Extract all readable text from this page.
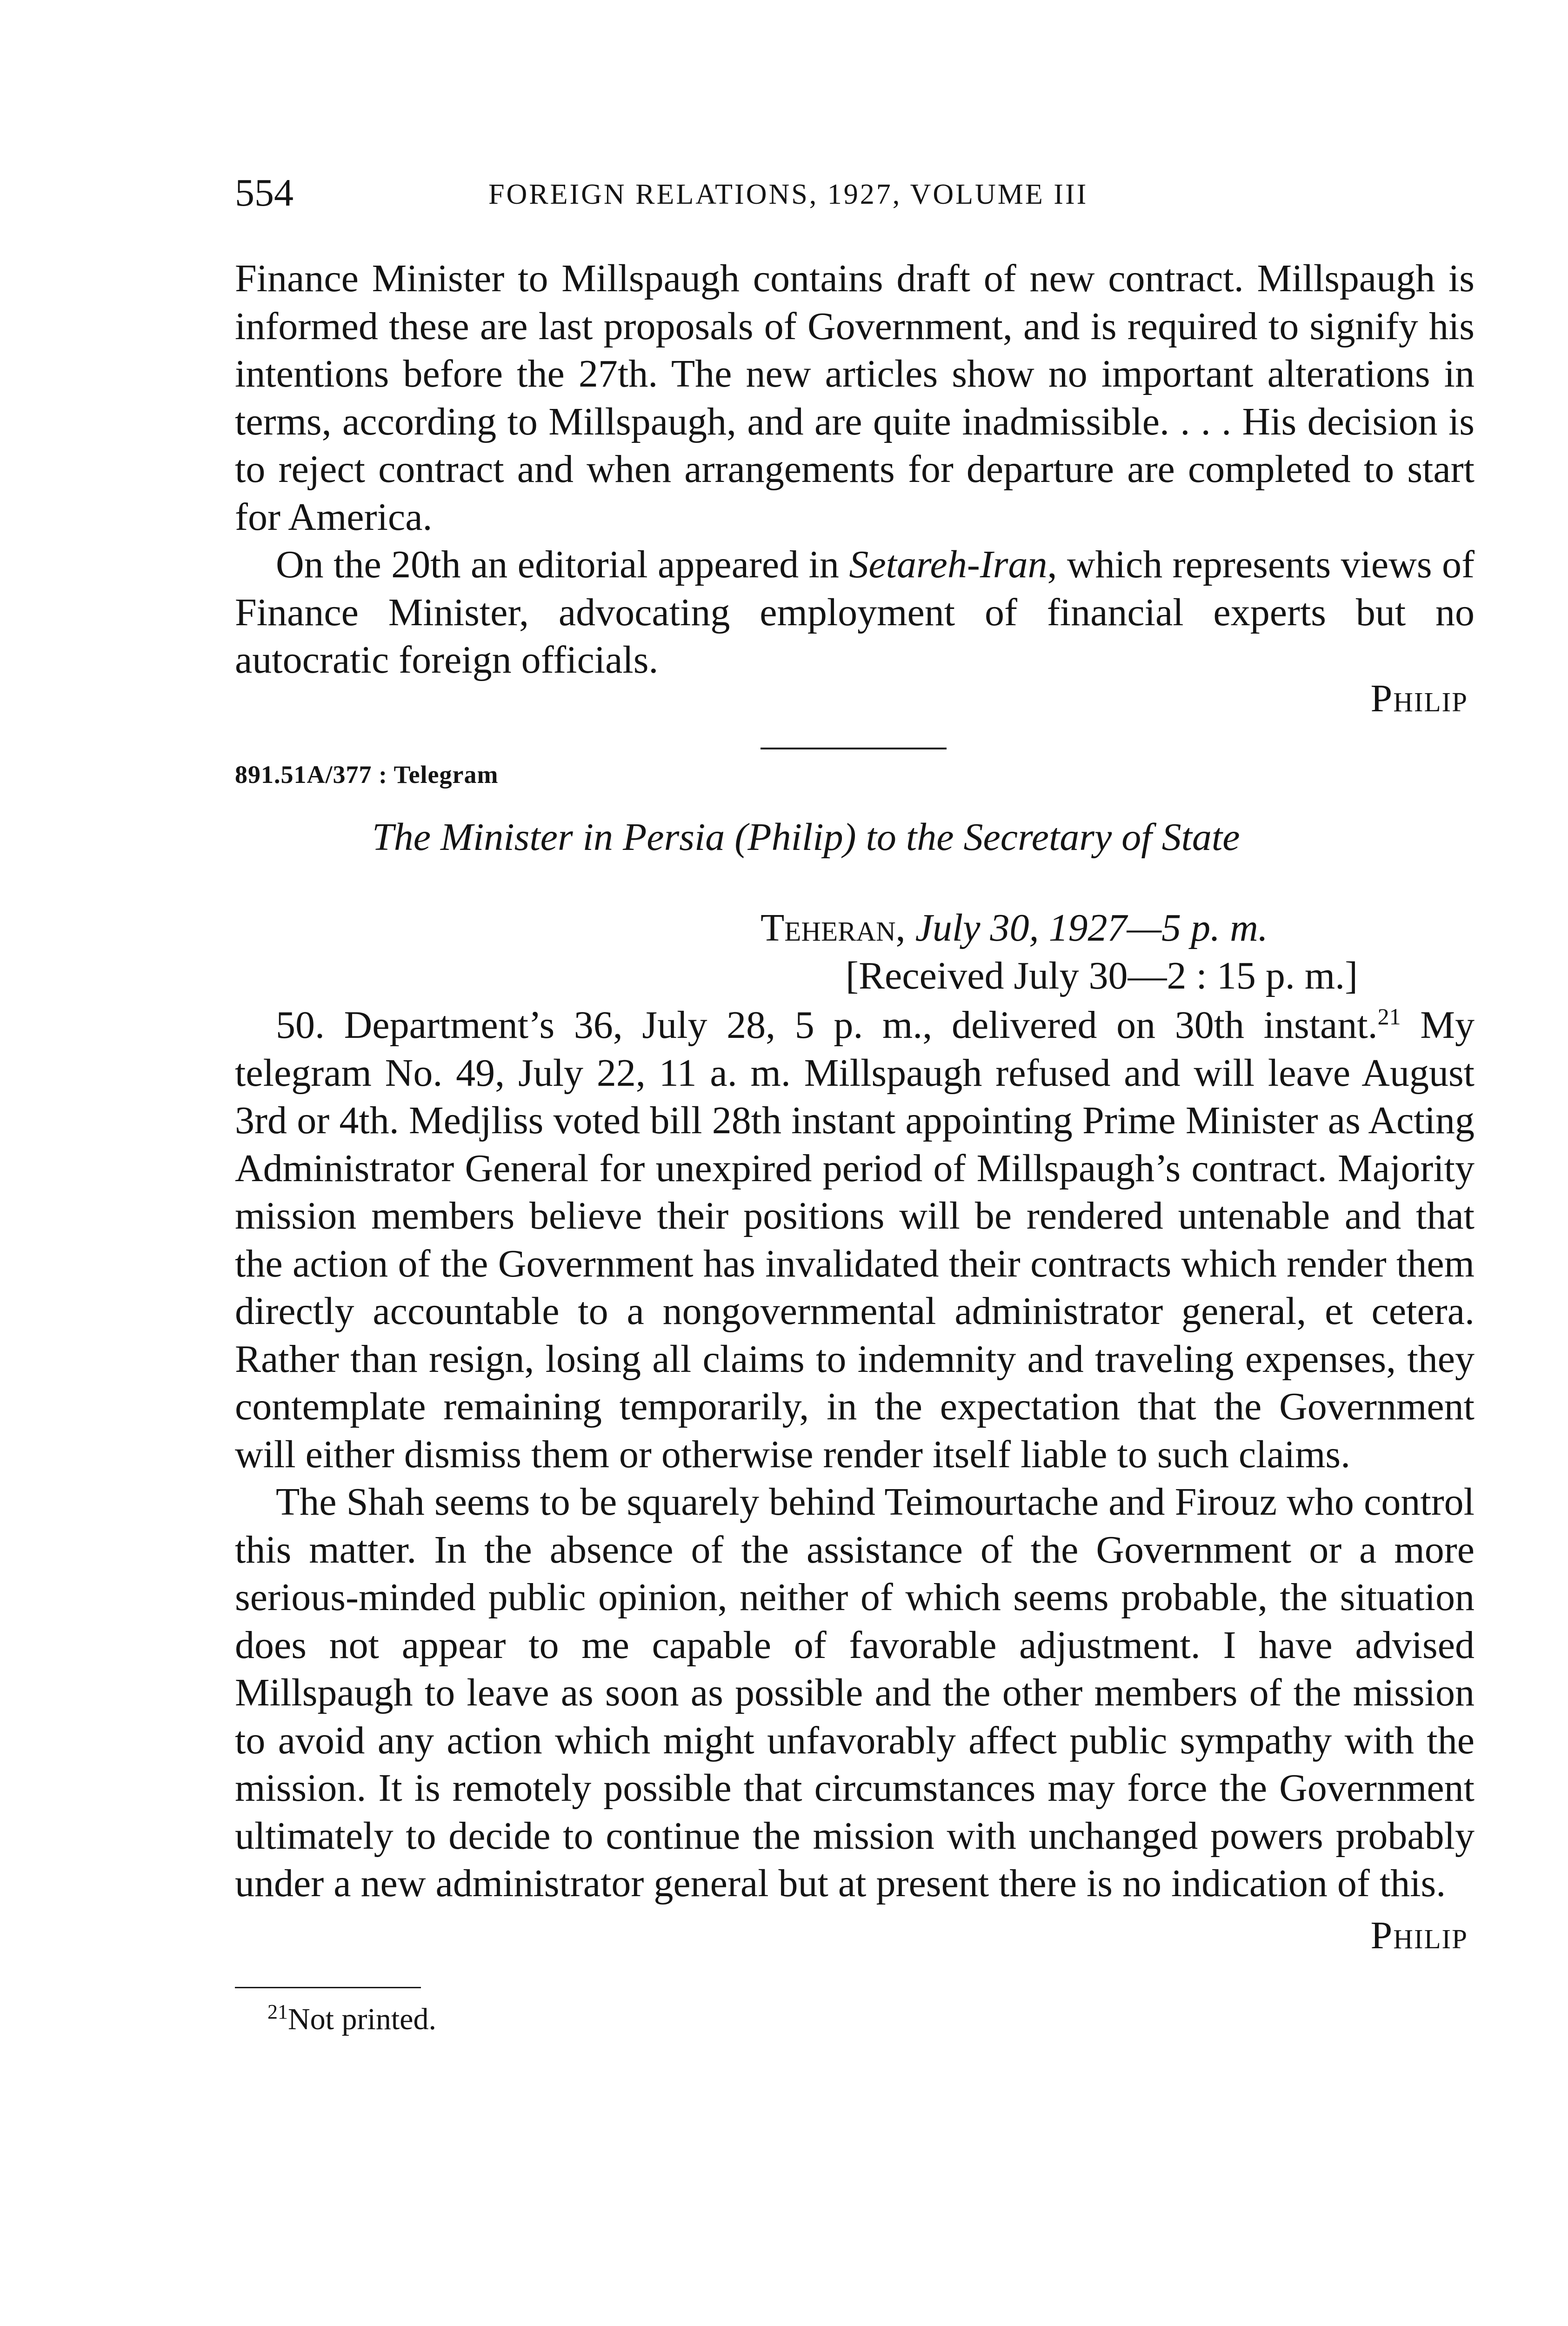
554	FOREIGN RELATIONS, 1927, VOLUME III

Finance Minister to Millspaugh contains draft of new contract. Millspaugh is informed these are last proposals of Government, and is required to signify his intentions before the 27th. The new articles show no important alterations in terms, according to Millspaugh, and are quite inadmissible. . . . His decision is to reject contract and when arrangements for departure are completed to start for America.

On the 20th an editorial appeared in Setareh-Iran, which represents views of Finance Minister, advocating employment of financial experts but no autocratic foreign officials.

Philip
891.51A/377 : Telegram
The Minister in Persia (Philip) to the Secretary of State
Teheran, July 30, 1927—5 p. m.
[Received July 30—2 : 15 p. m.]

50. Department’s 36, July 28, 5 p. m., delivered on 30th instant.$^{21}$ My telegram No. 49, July 22, 11 a. m. Millspaugh refused and will leave August 3rd or 4th. Medjliss voted bill 28th instant appointing Prime Minister as Acting Administrator General for unexpired period of Millspaugh’s contract. Majority mission members believe their positions will be rendered untenable and that the action of the Government has invalidated their contracts which render them directly accountable to a nongovernmental administrator general, et cetera. Rather than resign, losing all claims to indemnity and traveling expenses, they contemplate remaining temporarily, in the expectation that the Government will either dismiss them or otherwise render itself liable to such claims.

The Shah seems to be squarely behind Teimourtache and Firouz who control this matter. In the absence of the assistance of the Government or a more serious-minded public opinion, neither of which seems probable, the situation does not appear to me capable of favorable adjustment. I have advised Millspaugh to leave as soon as possible and the other members of the mission to avoid any action which might unfavorably affect public sympathy with the mission. It is remotely possible that circumstances may force the Government ultimately to decide to continue the mission with unchanged powers probably under a new administrator general but at present there is no indication of this.

Philip
$^{21}$Not printed.
